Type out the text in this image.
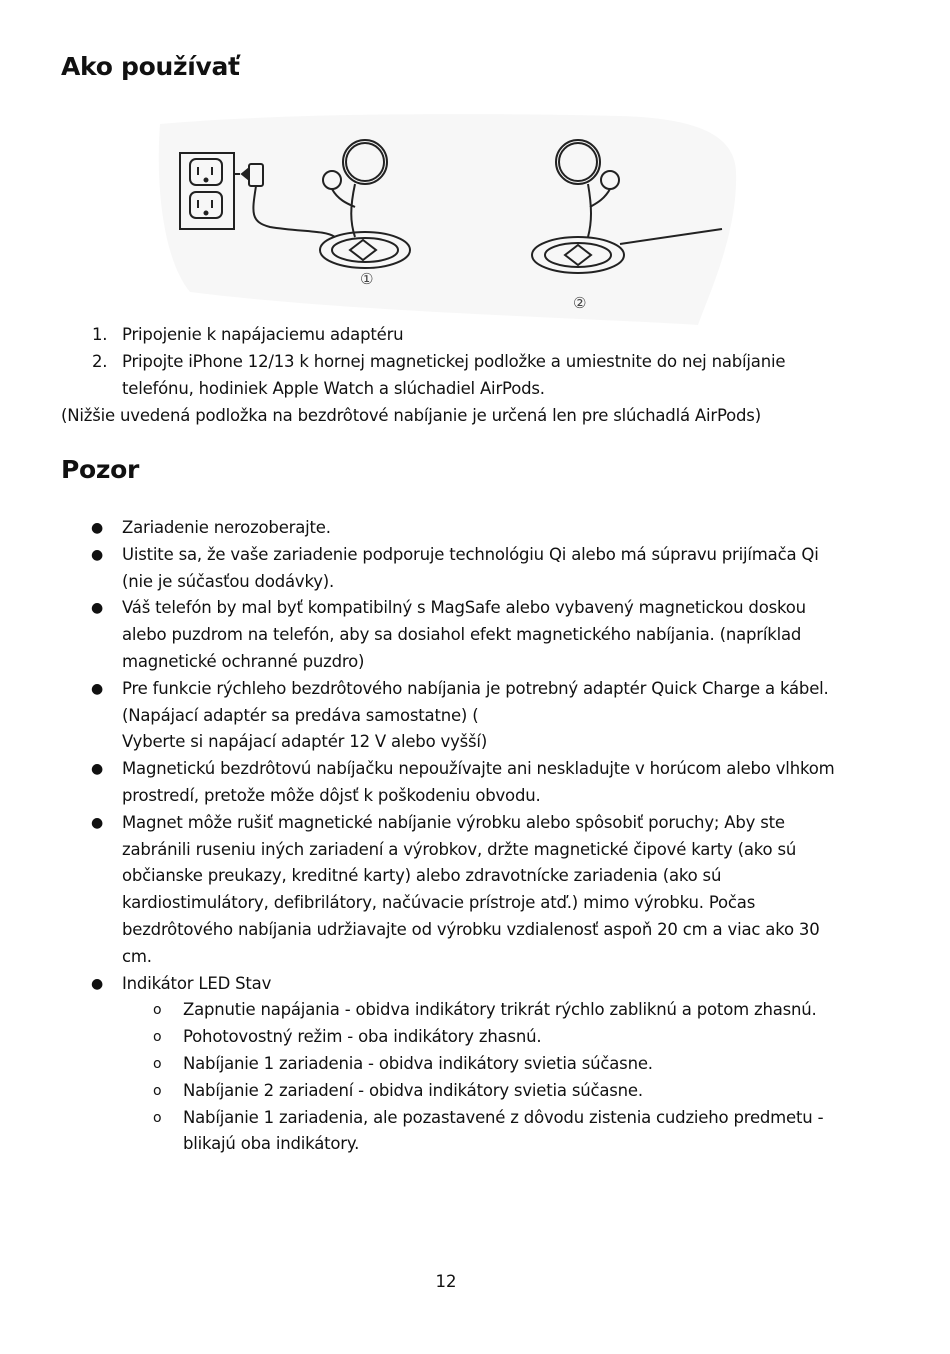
Ako používať
①
②
1. Pripojenie k napájaciemu adaptéru
2. Pripojte iPhone 12/13 k hornej magnetickej podložke a umiestnite do nej nabíjanie telefónu, hodiniek Apple Watch a slúchadiel AirPods.

(Nižšie uvedená podložka na bezdrôtové nabíjanie je určená len pre slúchadlá AirPods)

Pozor
● Zariadenie nerozoberajte.
● Uistite sa, že vaše zariadenie podporuje technológiu Qi alebo má súpravu prijímača Qi (nie je súčasťou dodávky).
● Váš telefón by mal byť kompatibilný s MagSafe alebo vybavený magnetickou doskou alebo puzdrom na telefón, aby sa dosiahol efekt magnetického nabíjania. (napríklad magnetické ochranné puzdro)
● Pre funkcie rýchleho bezdrôtového nabíjania je potrebný adaptér Quick Charge a kábel. (Napájací adaptér sa predáva samostatne) (
Vyberte si napájací adaptér 12 V alebo vyšší)
● Magnetickú bezdrôtovú nabíjačku nepoužívajte ani neskladujte v horúcom alebo vlhkom prostredí, pretože môže dôjsť k poškodeniu obvodu.
● Magnet môže rušiť magnetické nabíjanie výrobku alebo spôsobiť poruchy; Aby ste zabránili ruseniu iných zariadení a výrobkov, držte magnetické čipové karty (ako sú občianske preukazy, kreditné karty) alebo zdravotnícke zariadenia (ako sú kardiostimulátory, defibrilátory, načúvacie prístroje atď.) mimo výrobku. Počas bezdrôtového nabíjania udržiavajte od výrobku vzdialenosť aspoň 20 cm a viac ako 30 cm.
● Indikátor LED Stav
o Zapnutie napájania - obidva indikátory trikrát rýchlo zabliknú a potom zhasnú.
o Pohotovostný režim - oba indikátory zhasnú.
o Nabíjanie 1 zariadenia - obidva indikátory svietia súčasne.
o Nabíjanie 2 zariadení - obidva indikátory svietia súčasne.
o Nabíjanie 1 zariadenia, ale pozastavené z dôvodu zistenia cudzieho predmetu - blikajú oba indikátory.
12
